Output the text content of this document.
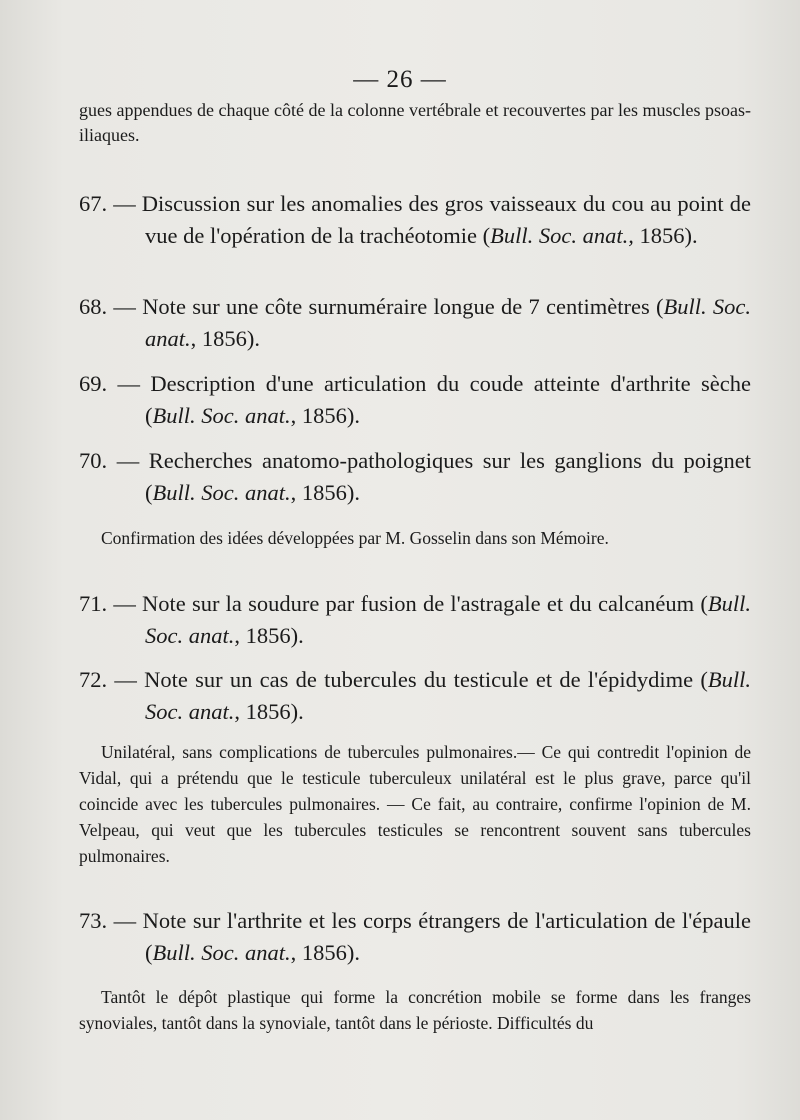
— 26 —
gues appendues de chaque côté de la colonne vertébrale et recouvertes par les muscles psoas-iliaques.
67. — Discussion sur les anomalies des gros vaisseaux du cou au point de vue de l'opération de la trachéotomie (Bull. Soc. anat., 1856).
68. — Note sur une côte surnuméraire longue de 7 centimètres (Bull. Soc. anat., 1856).
69. — Description d'une articulation du coude atteinte d'arthrite sèche (Bull. Soc. anat., 1856).
70. — Recherches anatomo-pathologiques sur les ganglions du poignet (Bull. Soc. anat., 1856).
Confirmation des idées développées par M. Gosselin dans son Mémoire.
71. — Note sur la soudure par fusion de l'astragale et du calcanéum (Bull. Soc. anat., 1856).
72. — Note sur un cas de tubercules du testicule et de l'épidydime (Bull. Soc. anat., 1856).
Unilatéral, sans complications de tubercules pulmonaires.— Ce qui contredit l'opinion de Vidal, qui a prétendu que le testicule tuberculeux unilatéral est le plus grave, parce qu'il coincide avec les tubercules pulmonaires. — Ce fait, au contraire, confirme l'opinion de M. Velpeau, qui veut que les tubercules testicules se rencontrent souvent sans tubercules pulmonaires.
73. — Note sur l'arthrite et les corps étrangers de l'articulation de l'épaule (Bull. Soc. anat., 1856).
Tantôt le dépôt plastique qui forme la concrétion mobile se forme dans les franges synoviales, tantôt dans la synoviale, tantôt dans le périoste. Difficultés du
